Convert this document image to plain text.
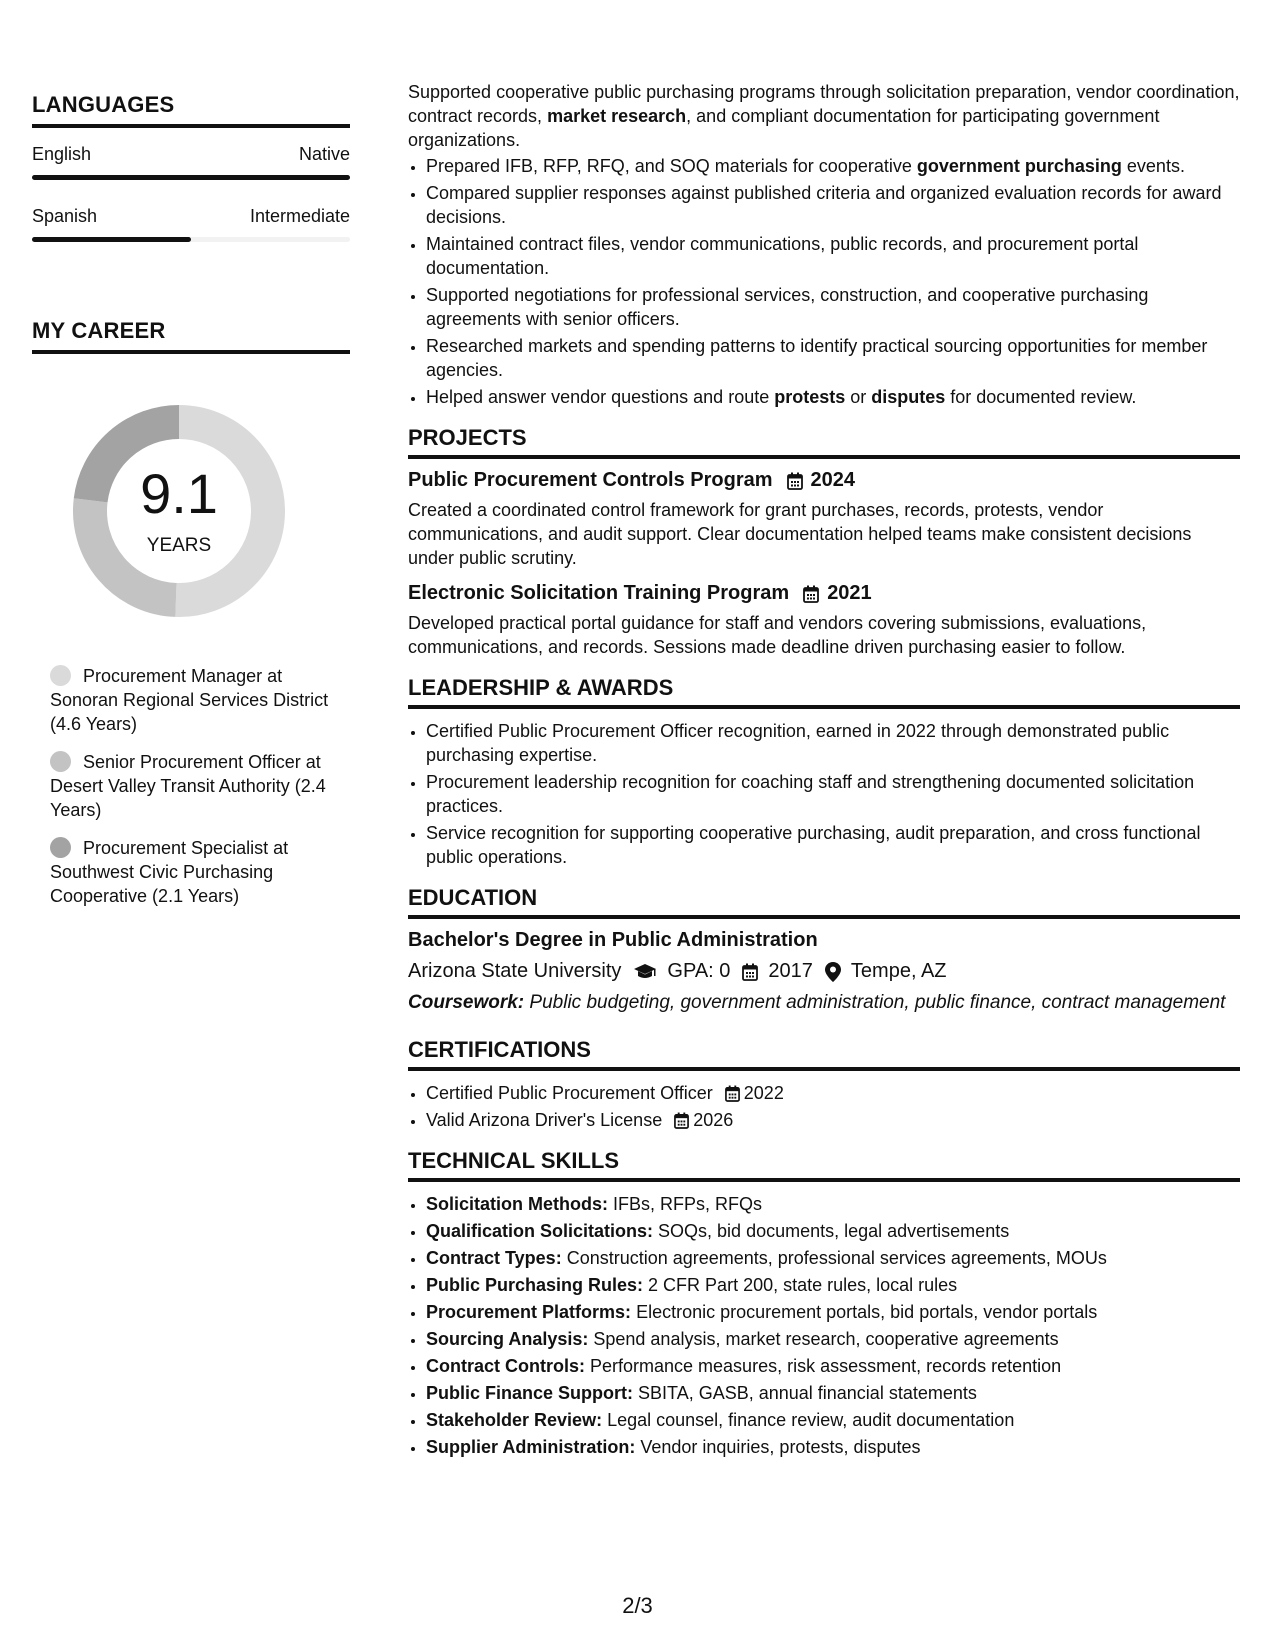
LANGUAGES
English	Native
Spanish	Intermediate
MY CAREER
9.1
YEARS
Procurement Manager at Sonoran Regional Services District (4.6 Years)
Senior Procurement Officer at Desert Valley Transit Authority (2.4 Years)
Procurement Specialist at Southwest Civic Purchasing Cooperative (2.1 Years)

Supported cooperative public purchasing programs through solicitation preparation, vendor coordination, contract records, market research, and compliant documentation for participating government organizations.

• Prepared IFB, RFP, RFQ, and SOQ materials for cooperative government purchasing events.
• Compared supplier responses against published criteria and organized evaluation records for award decisions.
• Maintained contract files, vendor communications, public records, and procurement portal documentation.
• Supported negotiations for professional services, construction, and cooperative purchasing agreements with senior officers.
• Researched markets and spending patterns to identify practical sourcing opportunities for member agencies.
• Helped answer vendor questions and route protests or disputes for documented review.
PROJECTS
Public Procurement Controls Program 2024

Created a coordinated control framework for grant purchases, records, protests, vendor communications, and audit support. Clear documentation helped teams make consistent decisions under public scrutiny.

Electronic Solicitation Training Program 2021

Developed practical portal guidance for staff and vendors covering submissions, evaluations, communications, and records. Sessions made deadline driven purchasing easier to follow.

LEADERSHIP & AWARDS
• Certified Public Procurement Officer recognition, earned in 2022 through demonstrated public purchasing expertise.
• Procurement leadership recognition for coaching staff and strengthening documented solicitation practices.
• Service recognition for supporting cooperative purchasing, audit preparation, and cross functional public operations.
EDUCATION
Bachelor's Degree in Public Administration
Arizona State University GPA: 0 2017 Tempe, AZ

Coursework: Public budgeting, government administration, public finance, contract management

CERTIFICATIONS
• Certified Public Procurement Officer 2022
• Valid Arizona Driver's License 2026
TECHNICAL SKILLS
• Solicitation Methods: IFBs, RFPs, RFQs
• Qualification Solicitations: SOQs, bid documents, legal advertisements
• Contract Types: Construction agreements, professional services agreements, MOUs
• Public Purchasing Rules: 2 CFR Part 200, state rules, local rules
• Procurement Platforms: Electronic procurement portals, bid portals, vendor portals
• Sourcing Analysis: Spend analysis, market research, cooperative agreements
• Contract Controls: Performance measures, risk assessment, records retention
• Public Finance Support: SBITA, GASB, annual financial statements
• Stakeholder Review: Legal counsel, finance review, audit documentation
• Supplier Administration: Vendor inquiries, protests, disputes
2/3
